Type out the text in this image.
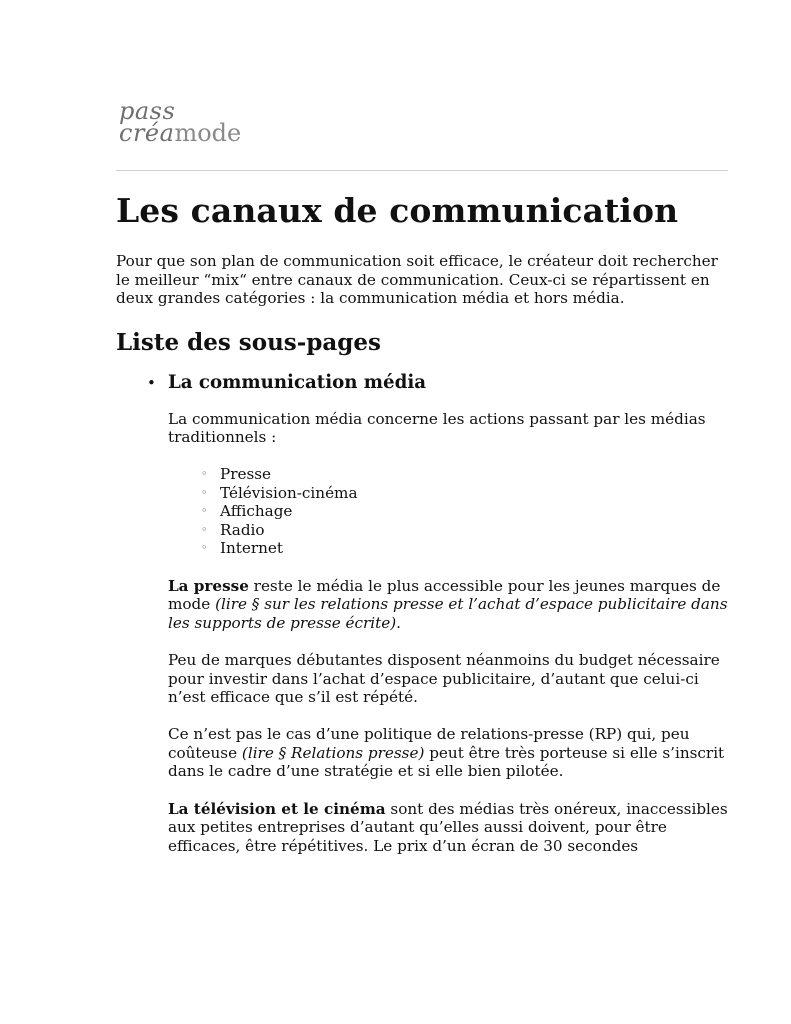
pass
créamode
Les canaux de communication

Pour que son plan de communication soit efficace, le créateur doit rechercher le meilleur “mix“ entre canaux de communication. Ceux-ci se répartissent en deux grandes catégories : la communication média et hors média.

Liste des sous-pages
• La communication média

La communication média concerne les actions passant par les médias traditionnels :

◦ Presse
◦ Télévision-cinéma
◦ Affichage
◦ Radio
◦ Internet

La presse reste le média le plus accessible pour les jeunes marques de mode (lire § sur les relations presse et l’achat d’espace publicitaire dans les supports de presse écrite).

Peu de marques débutantes disposent néanmoins du budget nécessaire pour investir dans l’achat d’espace publicitaire, d’autant que celui-ci n’est efficace que s’il est répété.

Ce n’est pas le cas d’une politique de relations-presse (RP) qui, peu coûteuse (lire § Relations presse) peut être très porteuse si elle s’inscrit dans le cadre d’une stratégie et si elle bien pilotée.

La télévision et le cinéma sont des médias très onéreux, inaccessibles aux petites entreprises d’autant qu’elles aussi doivent, pour être efficaces, être répétitives. Le prix d’un écran de 30 secondes
